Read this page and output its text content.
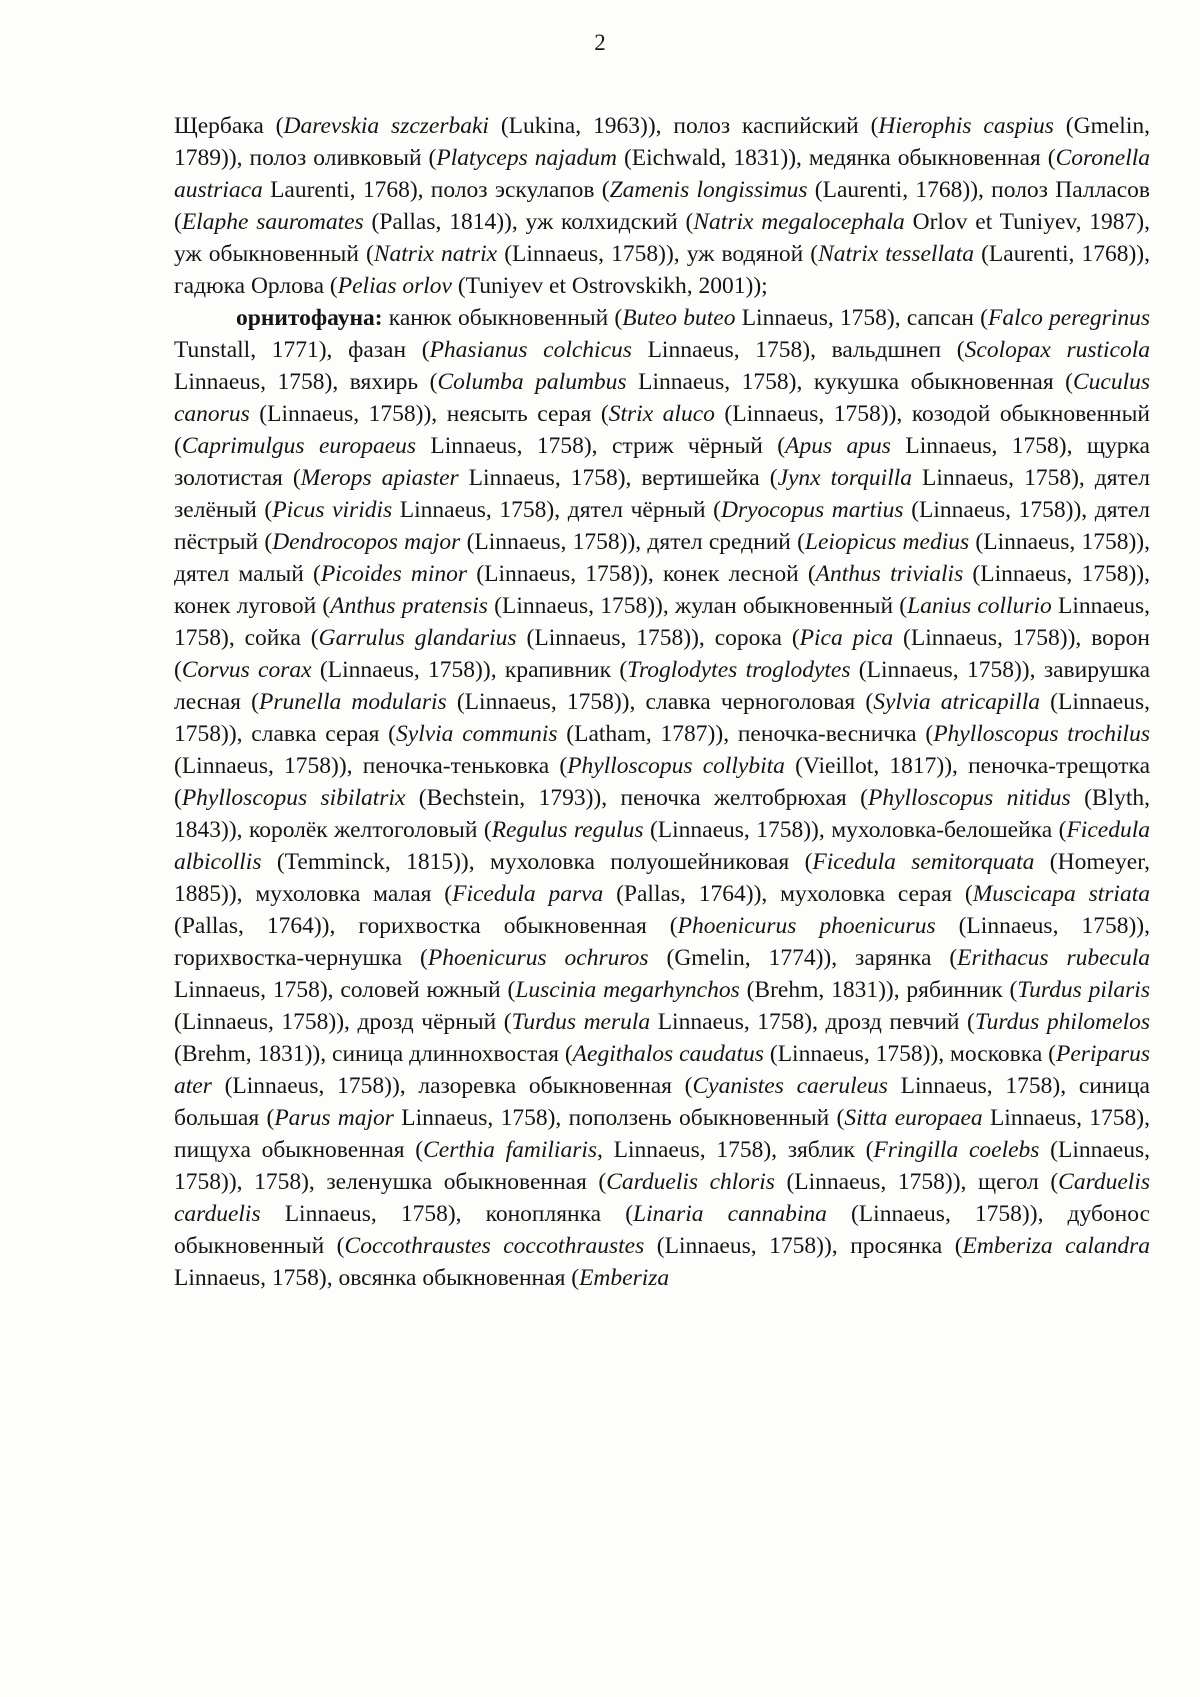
2

Щербака (Darevskia szczerbaki (Lukina, 1963)), полоз каспийский (Hierophis caspius (Gmelin, 1789)), полоз оливковый (Platyceps najadum (Eichwald, 1831)), медянка обыкновенная (Coronella austriaca Laurenti, 1768), полоз эскулапов (Zamenis longissimus (Laurenti, 1768)), полоз Палласов (Elaphe sauromates (Pallas, 1814)), уж колхидский (Natrix megalocephala Orlov et Tuniyev, 1987), уж обыкновенный (Natrix natrix (Linnaeus, 1758)), уж водяной (Natrix tessellata (Laurenti, 1768)), гадюка Орлова (Pelias orlov (Tuniyev et Ostrovskikh, 2001));

орнитофауна: канюк обыкновенный (Buteo buteo Linnaeus, 1758), сапсан (Falco peregrinus Tunstall, 1771), фазан (Phasianus colchicus Linnaeus, 1758), вальдшнеп (Scolopax rusticola Linnaeus, 1758), вяхирь (Columba palumbus Linnaeus, 1758), кукушка обыкновенная (Cuculus canorus (Linnaeus, 1758)), неясыть серая (Strix aluco (Linnaeus, 1758)), козодой обыкновенный (Caprimulgus europaeus Linnaeus, 1758), стриж чёрный (Apus apus Linnaeus, 1758), щурка золотистая (Merops apiaster Linnaeus, 1758), вертишейка (Jynx torquilla Linnaeus, 1758), дятел зелёный (Picus viridis Linnaeus, 1758), дятел чёрный (Dryocopus martius (Linnaeus, 1758)), дятел пёстрый (Dendrocopos major (Linnaeus, 1758)), дятел средний (Leiopicus medius (Linnaeus, 1758)), дятел малый (Picoides minor (Linnaeus, 1758)), конек лесной (Anthus trivialis (Linnaeus, 1758)), конек луговой (Anthus pratensis (Linnaeus, 1758)), жулан обыкновенный (Lanius collurio Linnaeus, 1758), сойка (Garrulus glandarius (Linnaeus, 1758)), сорока (Pica pica (Linnaeus, 1758)), ворон (Corvus corax (Linnaeus, 1758)), крапивник (Troglodytes troglodytes (Linnaeus, 1758)), завирушка лесная (Prunella modularis (Linnaeus, 1758)), славка черноголовая (Sylvia atricapilla (Linnaeus, 1758)), славка серая (Sylvia communis (Latham, 1787)), пеночка-весничка (Phylloscopus trochilus (Linnaeus, 1758)), пеночка-теньковка (Phylloscopus collybita (Vieillot, 1817)), пеночка-трещотка (Phylloscopus sibilatrix (Bechstein, 1793)), пеночка желтобрюхая (Phylloscopus nitidus (Blyth, 1843)), королёк желтоголовый (Regulus regulus (Linnaeus, 1758)), мухоловка-белошейка (Ficedula albicollis (Temminck, 1815)), мухоловка полуошейниковая (Ficedula semitorquata (Homeyer, 1885)), мухоловка малая (Ficedula parva (Pallas, 1764)), мухоловка серая (Muscicapa striata (Pallas, 1764)), горихвостка обыкновенная (Phoenicurus phoenicurus (Linnaeus, 1758)), горихвостка-чернушка (Phoenicurus ochruros (Gmelin, 1774)), зарянка (Erithacus rubecula Linnaeus, 1758), соловей южный (Luscinia megarhynchos (Brehm, 1831)), рябинник (Turdus pilaris (Linnaeus, 1758)), дрозд чёрный (Turdus merula Linnaeus, 1758), дрозд певчий (Turdus philomelos (Brehm, 1831)), синица длиннохвостая (Aegithalos caudatus (Linnaeus, 1758)), московка (Periparus ater (Linnaeus, 1758)), лазоревка обыкновенная (Cyanistes caeruleus Linnaeus, 1758), синица большая (Parus major Linnaeus, 1758), поползень обыкновенный (Sitta europaea Linnaeus, 1758), пищуха обыкновенная (Certhia familiaris, Linnaeus, 1758), зяблик (Fringilla coelebs (Linnaeus, 1758)), 1758), зеленушка обыкновенная (Carduelis chloris (Linnaeus, 1758)), щегол (Carduelis carduelis Linnaeus, 1758), коноплянка (Linaria cannabina (Linnaeus, 1758)), дубонос обыкновенный (Coccothraustes coccothraustes (Linnaeus, 1758)), просянка (Emberiza calandra Linnaeus, 1758), овсянка обыкновенная (Emberiza
